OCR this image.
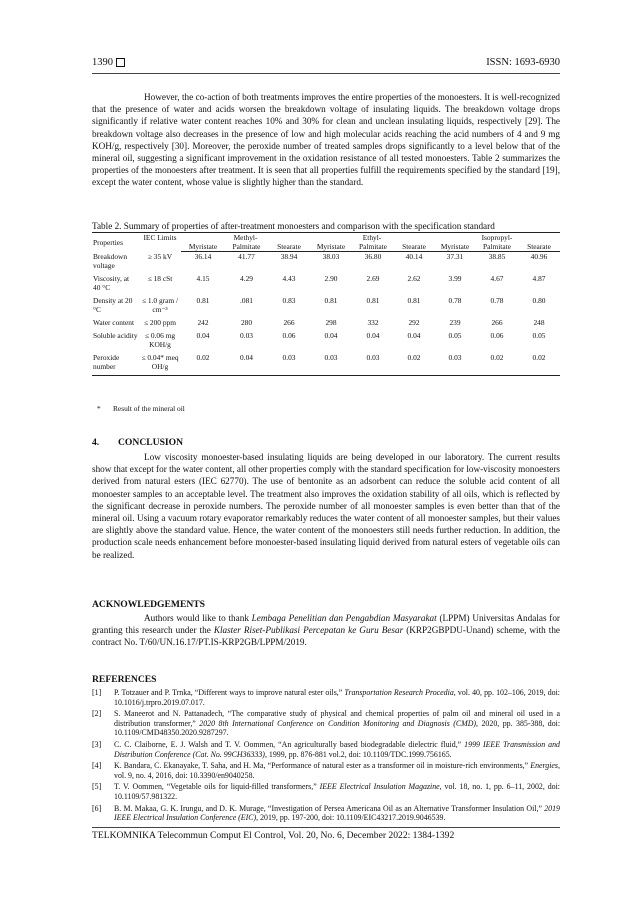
1390	ISSN: 1693-6930

However, the co-action of both treatments improves the entire properties of the monoesters. It is well-recognized that the presence of water and acids worsen the breakdown voltage of insulating liquids. The breakdown voltage drops significantly if relative water content reaches 10% and 30% for clean and unclean insulating liquids, respectively [29]. The breakdown voltage also decreases in the presence of low and high molecular acids reaching the acid numbers of 4 and 9 mg KOH/g, respectively [30]. Moreover, the peroxide number of treated samples drops significantly to a level below that of the mineral oil, suggesting a significant improvement in the oxidation resistance of all tested monoesters. Table 2 summarizes the properties of the monoesters after treatment. It is seen that all properties fulfill the requirements specified by the standard [19], except the water content, whose value is slightly higher than the standard.

Table 2. Summary of properties of after-treatment monoesters and comparison with the specification standard
Properties	IEC Limits	Methyl-			Ethyl-			Isopropyl-		
		Myristate	Palmitate	Stearate	Myristate	Palmitate	Stearate	Myristate	Palmitate	Stearate
Breakdown voltage	≥ 35 kV	36.14	41.77	38.94	38.03	36.80	40.14	37.31	38.85	40.96
Viscosity, at 40 °C	≤ 18 cSt	4.15	4.29	4.43	2.90	2.69	2.62	3.99	4.67	4.87
Density at 20 °C	≤ 1.0 gram / cm⁻³	0.81	.081	0.83	0.81	0.81	0.81	0.78	0.78	0.80
Water content	≤ 200 ppm	242	280	266	298	332	292	239	266	248
Soluble acidity	≤ 0.06 mg KOH/g	0.04	0.03	0.06	0.04	0.04	0.04	0.05	0.06	0.05
Peroxide number	≤ 0.04* meq OH/g	0.02	0.04	0.03	0.03	0.03	0.02	0.03	0.02	0.02
* Result of the mineral oil
4. CONCLUSION

Low viscosity monoester-based insulating liquids are being developed in our laboratory. The current results show that except for the water content, all other properties comply with the standard specification for low-viscosity monoesters derived from natural esters (IEC 62770). The use of bentonite as an adsorbent can reduce the soluble acid content of all monoester samples to an acceptable level. The treatment also improves the oxidation stability of all oils, which is reflected by the significant decrease in peroxide numbers. The peroxide number of all monoester samples is even better than that of the mineral oil. Using a vacuum rotary evaporator remarkably reduces the water content of all monoester samples, but their values are slightly above the standard value. Hence, the water content of the monoesters still needs further reduction. In addition, the production scale needs enhancement before monoester-based insulating liquid derived from natural esters of vegetable oils can be realized.

ACKNOWLEDGEMENTS

Authors would like to thank Lembaga Penelitian dan Pengabdian Masyarakat (LPPM) Universitas Andalas for granting this research under the Klaster Riset-Publikasi Percepatan ke Guru Besar (KRP2GBPDU-Unand) scheme, with the contract No. T/60/UN.16.17/PT.IS-KRP2GB/LPPM/2019.

REFERENCES
[1]	P. Totzauer and P. Trnka, “Different ways to improve natural ester oils,” Transportation Research Procedia, vol. 40, pp. 102–106, 2019, doi: 10.1016/j.trpro.2019.07.017.
[2]	S. Maneerot and N. Pattanadech, “The comparative study of physical and chemical properties of palm oil and mineral oil used in a distribution transformer,” 2020 8th International Conference on Condition Monitoring and Diagnosis (CMD), 2020, pp. 385-388, doi: 10.1109/CMD48350.2020.9287297.
[3]	C. C. Claiborne, E. J. Walsh and T. V. Oommen, “An agriculturally based biodegradable dielectric fluid,” 1999 IEEE Transmission and Distribution Conference (Cat. No. 99CH36333), 1999, pp. 876-881 vol.2, doi: 10.1109/TDC.1999.756165.
[4]	K. Bandara, C. Ekanayake, T. Saha, and H. Ma, “Performance of natural ester as a transformer oil in moisture-rich environments,” Energies, vol. 9, no. 4, 2016, doi: 10.3390/en9040258.
[5]	T. V. Oommen, “Vegetable oils for liquid-filled transformers,” IEEE Electrical Insulation Magazine, vol. 18, no. 1, pp. 6–11, 2002, doi: 10.1109/57.981322.
[6]	B. M. Makaa, G. K. Irungu, and D. K. Murage, “Investigation of Persea Americana Oil as an Alternative Transformer Insulation Oil,” 2019 IEEE Electrical Insulation Conference (EIC), 2019, pp. 197-200, doi: 10.1109/EIC43217.2019.9046539.
TELKOMNIKA Telecommun Comput El Control, Vol. 20, No. 6, December 2022: 1384-1392
